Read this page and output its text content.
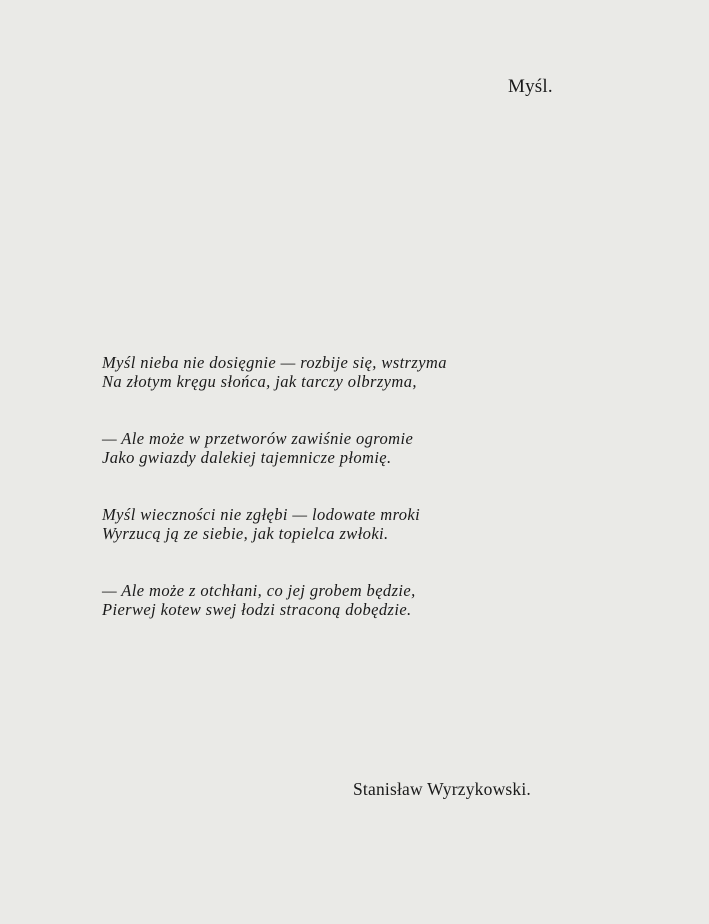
Myśl.
Myśl nieba nie dosięgnie — rozbije się, wstrzyma
Na złotym kręgu słońca, jak tarczy olbrzyma,
— Ale może w przetworów zawiśnie ogromie
Jako gwiazdy dalekiej tajemnicze płomię.
Myśl wieczności nie zgłębi — lodowate mroki
Wyrzucą ją ze siebie, jak topielca zwłoki.
— Ale może z otchłani, co jej grobem będzie,
Pierwej kotew swej łodzi straconą dobędzie.
Stanisław Wyrzykowski.
